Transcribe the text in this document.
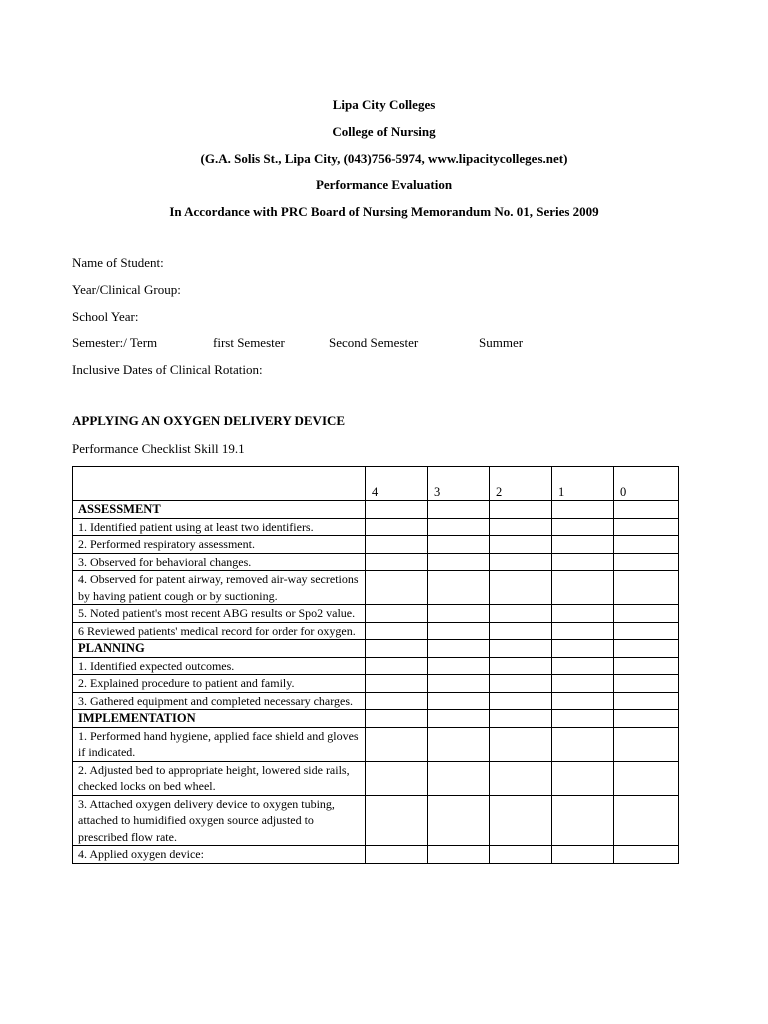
Lipa City Colleges
College of Nursing
(G.A. Solis St., Lipa City, (043)756-5974, www.lipacitycolleges.net)
Performance Evaluation
In Accordance with PRC Board of Nursing Memorandum No. 01, Series 2009
Name of Student:
Year/Clinical Group:
School Year:
Semester:/ Term	first Semester	Second Semester	Summer
Inclusive Dates of Clinical Rotation:
APPLYING AN OXYGEN DELIVERY DEVICE
Performance Checklist Skill 19.1
	4	3	2	1	0
ASSESSMENT					
1. Identified patient using at least two identifiers.					
2. Performed respiratory assessment.					
3. Observed for behavioral changes.					
4. Observed for patent airway, removed air-way secretions by having patient cough or by suctioning.					
5. Noted patient's most recent ABG results or Spo2 value.					
6 Reviewed patients' medical record for order for oxygen.					
PLANNING					
1. Identified expected outcomes.					
2. Explained procedure to patient and family.					
3. Gathered equipment and completed necessary charges.					
IMPLEMENTATION					
1. Performed hand hygiene, applied face shield and gloves if indicated.					
2. Adjusted bed to appropriate height, lowered side rails, checked locks on bed wheel.					
3. Attached oxygen delivery device to oxygen tubing, attached to humidified oxygen source adjusted to prescribed flow rate.					
4. Applied oxygen device:					
